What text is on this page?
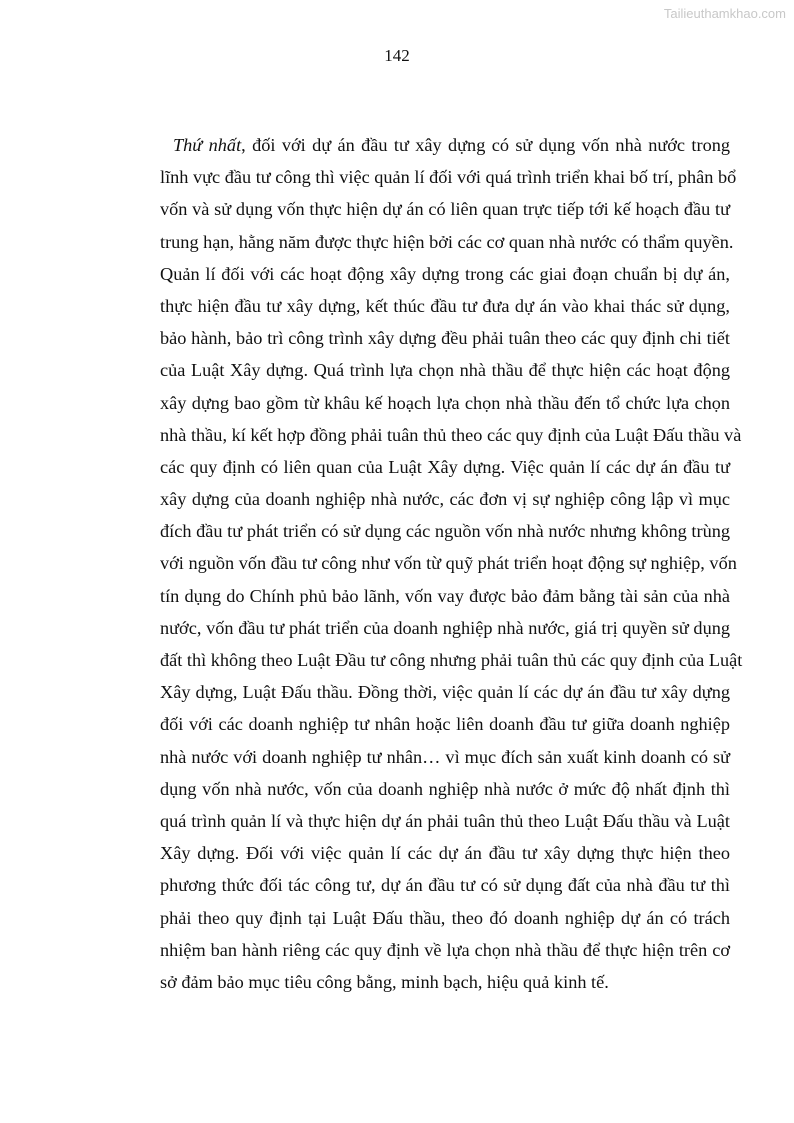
Tailieuthamkhao.com
142
Thứ nhất, đối với dự án đầu tư xây dựng có sử dụng vốn nhà nước trong
lĩnh vực đầu tư công thì việc quản lí đối với quá trình triển khai bố trí, phân bổ
vốn và sử dụng vốn thực hiện dự án có liên quan trực tiếp tới kế hoạch đầu tư
trung hạn, hằng năm được thực hiện bởi các cơ quan nhà nước có thẩm quyền.
Quản lí đối với các hoạt động xây dựng trong các giai đoạn chuẩn bị dự án,
thực hiện đầu tư xây dựng, kết thúc đầu tư đưa dự án vào khai thác sử dụng,
bảo hành, bảo trì công trình xây dựng đều phải tuân theo các quy định chi tiết
của Luật Xây dựng. Quá trình lựa chọn nhà thầu để thực hiện các hoạt động
xây dựng bao gồm từ khâu kế hoạch lựa chọn nhà thầu đến tổ chức lựa chọn
nhà thầu, kí kết hợp đồng phải tuân thủ theo các quy định của Luật Đấu thầu và
các quy định có liên quan của Luật Xây dựng. Việc quản lí các dự án đầu tư
xây dựng của doanh nghiệp nhà nước, các đơn vị sự nghiệp công lập vì mục
đích đầu tư phát triển có sử dụng các nguồn vốn nhà nước nhưng không trùng
với nguồn vốn đầu tư công như vốn từ quỹ phát triển hoạt động sự nghiệp, vốn
tín dụng do Chính phủ bảo lãnh, vốn vay được bảo đảm bằng tài sản của nhà
nước, vốn đầu tư phát triển của doanh nghiệp nhà nước, giá trị quyền sử dụng
đất thì không theo Luật Đầu tư công nhưng phải tuân thủ các quy định của Luật
Xây dựng, Luật Đấu thầu. Đồng thời, việc quản lí các dự án đầu tư xây dựng
đối với các doanh nghiệp tư nhân hoặc liên doanh đầu tư giữa doanh nghiệp
nhà nước với doanh nghiệp tư nhân… vì mục đích sản xuất kinh doanh có sử
dụng vốn nhà nước, vốn của doanh nghiệp nhà nước ở mức độ nhất định thì
quá trình quản lí và thực hiện dự án phải tuân thủ theo Luật Đấu thầu và Luật
Xây dựng. Đối với việc quản lí các dự án đầu tư xây dựng thực hiện theo
phương thức đối tác công tư, dự án đầu tư có sử dụng đất của nhà đầu tư thì
phải theo quy định tại Luật Đấu thầu, theo đó doanh nghiệp dự án có trách
nhiệm ban hành riêng các quy định về lựa chọn nhà thầu để thực hiện trên cơ
sở đảm bảo mục tiêu công bằng, minh bạch, hiệu quả kinh tế.
